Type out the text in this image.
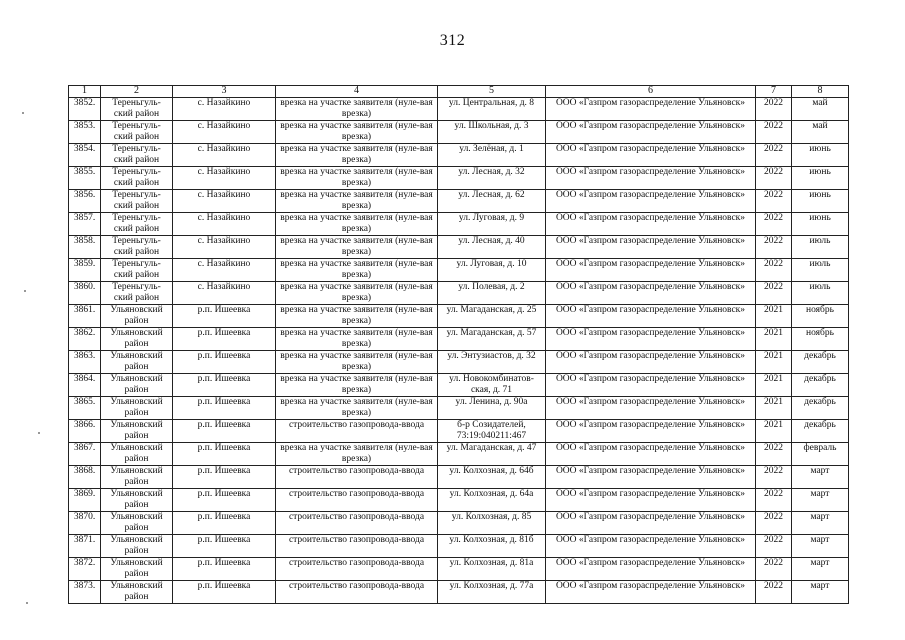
312
1	2	3	4	5	6	7	8
3852.	Тереньгуль-ский район	с. Назайкино	врезка на участке заявителя (нуле-вая врезка)	ул. Центральная, д. 8	ООО «Газпром газораспределение Ульяновск»	2022	май
3853.	Тереньгуль-ский район	с. Назайкино	врезка на участке заявителя (нуле-вая врезка)	ул. Школьная, д. 3	ООО «Газпром газораспределение Ульяновск»	2022	май
3854.	Тереньгуль-ский район	с. Назайкино	врезка на участке заявителя (нуле-вая врезка)	ул. Зелёная, д. 1	ООО «Газпром газораспределение Ульяновск»	2022	июнь
3855.	Тереньгуль-ский район	с. Назайкино	врезка на участке заявителя (нуле-вая врезка)	ул. Лесная, д. 32	ООО «Газпром газораспределение Ульяновск»	2022	июнь
3856.	Тереньгуль-ский район	с. Назайкино	врезка на участке заявителя (нуле-вая врезка)	ул. Лесная, д. 62	ООО «Газпром газораспределение Ульяновск»	2022	июнь
3857.	Тереньгуль-ский район	с. Назайкино	врезка на участке заявителя (нуле-вая врезка)	ул. Луговая, д. 9	ООО «Газпром газораспределение Ульяновск»	2022	июнь
3858.	Тереньгуль-ский район	с. Назайкино	врезка на участке заявителя (нуле-вая врезка)	ул. Лесная, д. 40	ООО «Газпром газораспределение Ульяновск»	2022	июль
3859.	Тереньгуль-ский район	с. Назайкино	врезка на участке заявителя (нуле-вая врезка)	ул. Луговая, д. 10	ООО «Газпром газораспределение Ульяновск»	2022	июль
3860.	Тереньгуль-ский район	с. Назайкино	врезка на участке заявителя (нуле-вая врезка)	ул. Полевая, д. 2	ООО «Газпром газораспределение Ульяновск»	2022	июль
3861.	Ульяновский район	р.п. Ишеевка	врезка на участке заявителя (нуле-вая врезка)	ул. Магаданская, д. 25	ООО «Газпром газораспределение Ульяновск»	2021	ноябрь
3862.	Ульяновский район	р.п. Ишеевка	врезка на участке заявителя (нуле-вая врезка)	ул. Магаданская, д. 57	ООО «Газпром газораспределение Ульяновск»	2021	ноябрь
3863.	Ульяновский район	р.п. Ишеевка	врезка на участке заявителя (нуле-вая врезка)	ул. Энтузиастов, д. 32	ООО «Газпром газораспределение Ульяновск»	2021	декабрь
3864.	Ульяновский район	р.п. Ишеевка	врезка на участке заявителя (нуле-вая врезка)	ул. Новокомбинатов-ская, д. 71	ООО «Газпром газораспределение Ульяновск»	2021	декабрь
3865.	Ульяновский район	р.п. Ишеевка	врезка на участке заявителя (нуле-вая врезка)	ул. Ленина, д. 90а	ООО «Газпром газораспределение Ульяновск»	2021	декабрь
3866.	Ульяновский район	р.п. Ишеевка	строительство газопровода-ввода	б-р Созидателей, 73:19:040211:467	ООО «Газпром газораспределение Ульяновск»	2021	декабрь
3867.	Ульяновский район	р.п. Ишеевка	врезка на участке заявителя (нуле-вая врезка)	ул. Магаданская, д. 47	ООО «Газпром газораспределение Ульяновск»	2022	февраль
3868.	Ульяновский район	р.п. Ишеевка	строительство газопровода-ввода	ул. Колхозная, д. 64б	ООО «Газпром газораспределение Ульяновск»	2022	март
3869.	Ульяновский район	р.п. Ишеевка	строительство газопровода-ввода	ул. Колхозная, д. 64а	ООО «Газпром газораспределение Ульяновск»	2022	март
3870.	Ульяновский район	р.п. Ишеевка	строительство газопровода-ввода	ул. Колхозная, д. 85	ООО «Газпром газораспределение Ульяновск»	2022	март
3871.	Ульяновский район	р.п. Ишеевка	строительство газопровода-ввода	ул. Колхозная, д. 81б	ООО «Газпром газораспределение Ульяновск»	2022	март
3872.	Ульяновский район	р.п. Ишеевка	строительство газопровода-ввода	ул. Колхозная, д. 81а	ООО «Газпром газораспределение Ульяновск»	2022	март
3873.	Ульяновский район	р.п. Ишеевка	строительство газопровода-ввода	ул. Колхозная, д. 77а	ООО «Газпром газораспределение Ульяновск»	2022	март
